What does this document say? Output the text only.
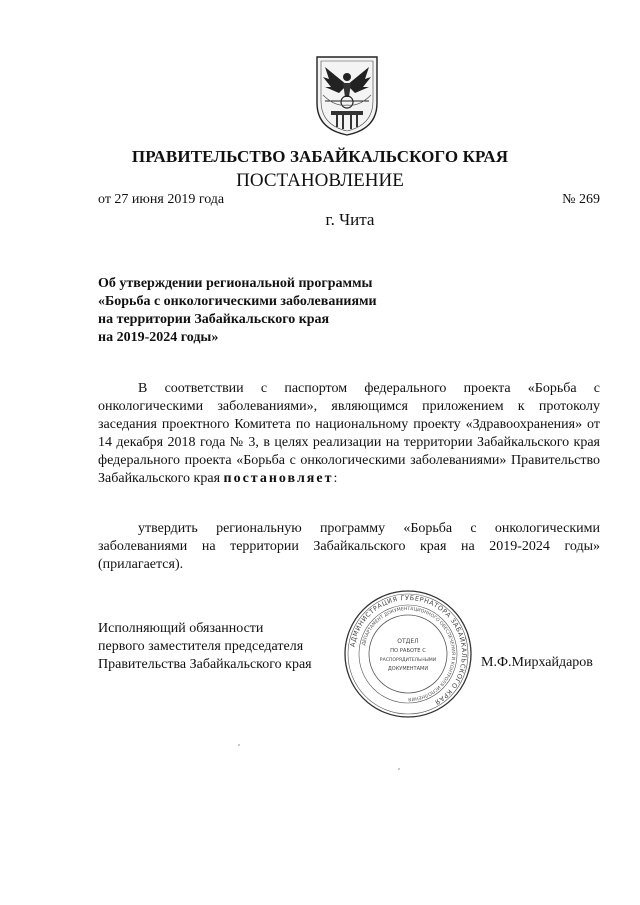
ПРАВИТЕЛЬСТВО ЗАБАЙКАЛЬСКОГО КРАЯ
ПОСТАНОВЛЕНИЕ
от 27 июня 2019 года	№ 269
г. Чита
Об утверждении региональной программы
«Борьба с онкологическими заболеваниями
на территории Забайкальского края
на 2019-2024 годы»

В соответствии с паспортом федерального проекта «Борьба с онкологическими заболеваниями», являющимся приложением к протоколу заседания проектного Комитета по национальному проекту «Здравоохранения» от 14 декабря 2018 года № 3, в целях реализации на территории Забайкальского края федерального проекта «Борьба с онкологическими заболеваниями» Правительство Забайкальского края постановляет:

утвердить региональную программу «Борьба с онкологическими заболеваниями на территории Забайкальского края на 2019-2024 годы» (прилагается).

Исполняющий обязанности
первого заместителя председателя
Правительства Забайкальского края
АДМИНИСТРАЦИЯ ГУБЕРНАТОРА ЗАБАЙКАЛЬСКОГО КРАЯ
ДЕПАРТАМЕНТ ДОКУМЕНТАЦИОННОГО ОБЕСПЕЧЕНИЯ И КОНТРОЛЯ ИСПОЛНЕНИЯ
ОТДЕЛ
ПО РАБОТЕ С
РАСПОРЯДИТЕЛЬНЫМИ
ДОКУМЕНТАМИ	М.Ф.Мирхайдаров
